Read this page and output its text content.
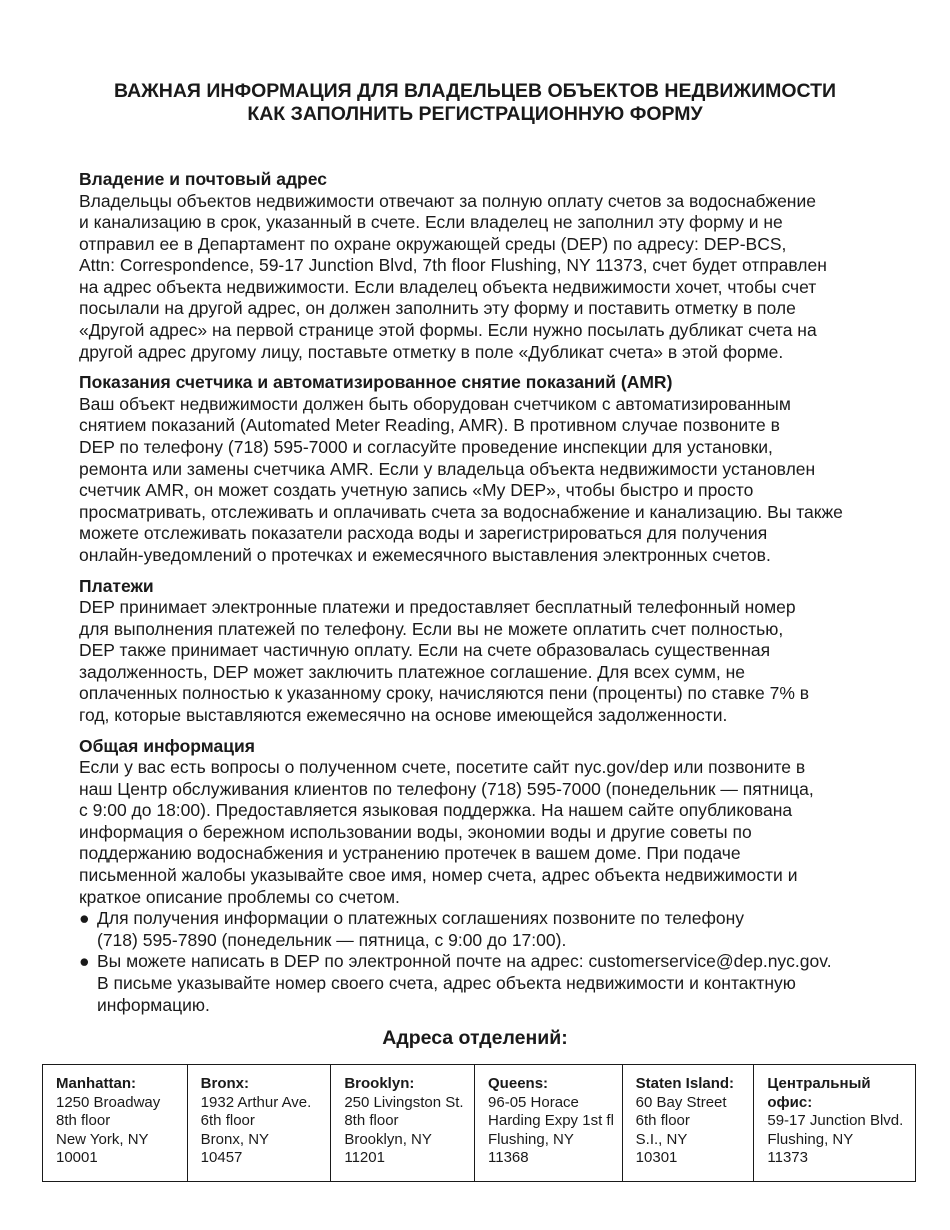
ВАЖНАЯ ИНФОРМАЦИЯ ДЛЯ ВЛАДЕЛЬЦЕВ ОБЪЕКТОВ НЕДВИЖИМОСТИ
КАК ЗАПОЛНИТЬ РЕГИСТРАЦИОННУЮ ФОРМУ
Владение и почтовый адрес
Владельцы объектов недвижимости отвечают за полную оплату счетов за водоснабжение
и канализацию в срок, указанный в счете. Если владелец не заполнил эту форму и не
отправил ее в Департамент по охране окружающей среды (DEP) по адресу: DEP-BCS,
Attn: Correspondence, 59-17 Junction Blvd, 7th floor Flushing, NY 11373, счет будет отправлен
на адрес объекта недвижимости. Если владелец объекта недвижимости хочет, чтобы счет
посылали на другой адрес, он должен заполнить эту форму и поставить отметку в поле
«Другой адрес» на первой странице этой формы. Если нужно посылать дубликат счета на
другой адрес другому лицу, поставьте отметку в поле «Дубликат счета» в этой форме.
Показания счетчика и автоматизированное снятие показаний (AMR)
Ваш объект недвижимости должен быть оборудован счетчиком с автоматизированным
снятием показаний (Automated Meter Reading, AMR). В противном случае позвоните в
DEP по телефону (718) 595-7000 и согласуйте проведение инспекции для установки,
ремонта или замены счетчика AMR. Если у владельца объекта недвижимости установлен
счетчик AMR, он может создать учетную запись «My DEP», чтобы быстро и просто
просматривать, отслеживать и оплачивать счета за водоснабжение и канализацию. Вы также
можете отслеживать показатели расхода воды и зарегистрироваться для получения
онлайн-уведомлений о протечках и ежемесячного выставления электронных счетов.
Платежи
DEP принимает электронные платежи и предоставляет бесплатный телефонный номер
для выполнения платежей по телефону. Если вы не можете оплатить счет полностью,
DEP также принимает частичную оплату. Если на счете образовалась существенная
задолженность, DEP может заключить платежное соглашение. Для всех сумм, не
оплаченных полностью к указанному сроку, начисляются пени (проценты) по ставке 7% в
год, которые выставляются ежемесячно на основе имеющейся задолженности.
Общая информация
Если у вас есть вопросы о полученном счете, посетите сайт nyc.gov/dep или позвоните в
наш Центр обслуживания клиентов по телефону (718) 595-7000 (понедельник — пятница,
с 9:00 до 18:00). Предоставляется языковая поддержка. На нашем сайте опубликована
информация о бережном использовании воды, экономии воды и другие советы по
поддержанию водоснабжения и устранению протечек в вашем доме. При подаче
письменной жалобы указывайте свое имя, номер счета, адрес объекта недвижимости и
краткое описание проблемы со счетом.
● Для получения информации о платежных соглашениях позвоните по телефону
(718) 595-7890 (понедельник — пятница, с 9:00 до 17:00).
● Вы можете написать в DEP по электронной почте на адрес: customerservice@dep.nyc.gov.
В письме указывайте номер своего счета, адрес объекта недвижимости и контактную
информацию.
Адреса отделений:
Manhattan:
1250 Broadway
8th floor
New York, NY
10001
Bronx:
1932 Arthur Ave.
6th floor
Bronx, NY
10457
Brooklyn:
250 Livingston St.
8th floor
Brooklyn, NY
11201
Queens:
96-05 Horace
Harding Expy 1st fl
Flushing, NY
11368
Staten Island:
60 Bay Street
6th floor
S.I., NY
10301
Центральный офис:
59-17 Junction Blvd.
Flushing, NY
11373
